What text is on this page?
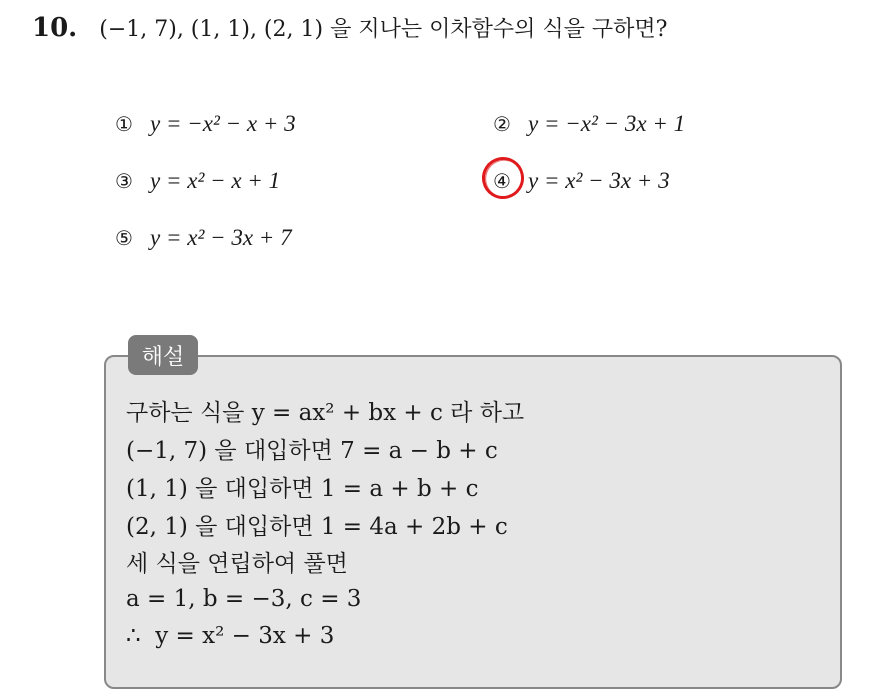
10. (−1, 7), (1, 1), (2, 1) 을 지나는 이차함수의 식을 구하면?
① y = −x² − x + 3	② y = −x² − 3x + 1
③ y = x² − x + 1	④ y = x² − 3x + 3
⑤ y = x² − 3x + 7
해설
구하는 식을 y = ax² + bx + c 라 하고
(−1, 7) 을 대입하면 7 = a − b + c
(1, 1) 을 대입하면 1 = a + b + c
(2, 1) 을 대입하면 1 = 4a + 2b + c
세 식을 연립하여 풀면
a = 1, b = −3, c = 3
∴  y = x² − 3x + 3
